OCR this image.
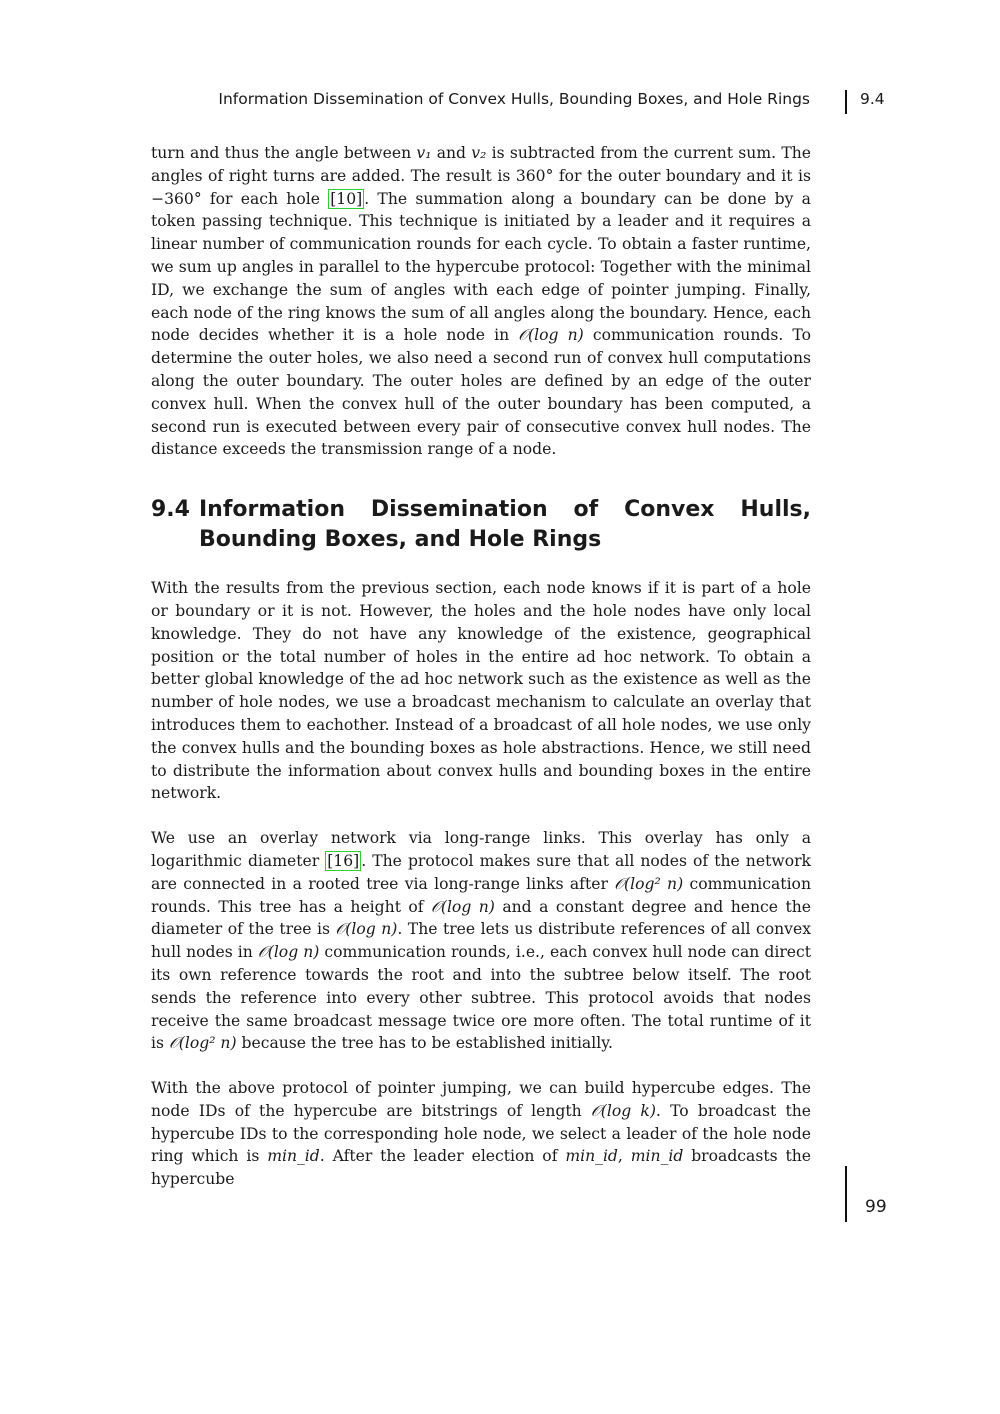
Information Dissemination of Convex Hulls, Bounding Boxes, and Hole Rings	9.4

turn and thus the angle between v₁ and v₂ is subtracted from the current sum. The angles of right turns are added. The result is 360° for the outer boundary and it is −360° for each hole [10] . The summation along a boundary can be done by a token passing technique. This technique is initiated by a leader and it requires a linear number of communication rounds for each cycle. To obtain a faster runtime, we sum up angles in parallel to the hypercube protocol: Together with the minimal ID, we exchange the sum of angles with each edge of pointer jumping. Finally, each node of the ring knows the sum of all angles along the boundary. Hence, each node decides whether it is a hole node in 𝒪(log n) communication rounds. To determine the outer holes, we also need a second run of convex hull computations along the outer boundary. The outer holes are defined by an edge of the outer convex hull. When the convex hull of the outer boundary has been computed, a second run is executed between every pair of consecutive convex hull nodes. The distance exceeds the transmission range of a node.

9.4 Information Dissemination of Convex Hulls, Bounding Boxes, and Hole Rings

With the results from the previous section, each node knows if it is part of a hole or boundary or it is not. However, the holes and the hole nodes have only local knowledge. They do not have any knowledge of the existence, geographical position or the total number of holes in the entire ad hoc network. To obtain a better global knowledge of the ad hoc network such as the existence as well as the number of hole nodes, we use a broadcast mechanism to calculate an overlay that introduces them to eachother. Instead of a broadcast of all hole nodes, we use only the convex hulls and the bounding boxes as hole abstractions. Hence, we still need to distribute the information about convex hulls and bounding boxes in the entire network.

We use an overlay network via long-range links. This overlay has only a logarithmic diameter [16] . The protocol makes sure that all nodes of the network are connected in a rooted tree via long-range links after 𝒪(log² n) communication rounds. This tree has a height of 𝒪(log n) and a constant degree and hence the diameter of the tree is 𝒪(log n). The tree lets us distribute references of all convex hull nodes in 𝒪(log n) communication rounds, i.e., each convex hull node can direct its own reference towards the root and into the subtree below itself. The root sends the reference into every other subtree. This protocol avoids that nodes receive the same broadcast message twice ore more often. The total runtime of it is 𝒪(log² n) because the tree has to be established initially.

With the above protocol of pointer jumping, we can build hypercube edges. The node IDs of the hypercube are bitstrings of length 𝒪(log k). To broadcast the hypercube IDs to the corresponding hole node, we select a leader of the hole node ring which is min_id. After the leader election of min_id, min_id broadcasts the hypercube

99
